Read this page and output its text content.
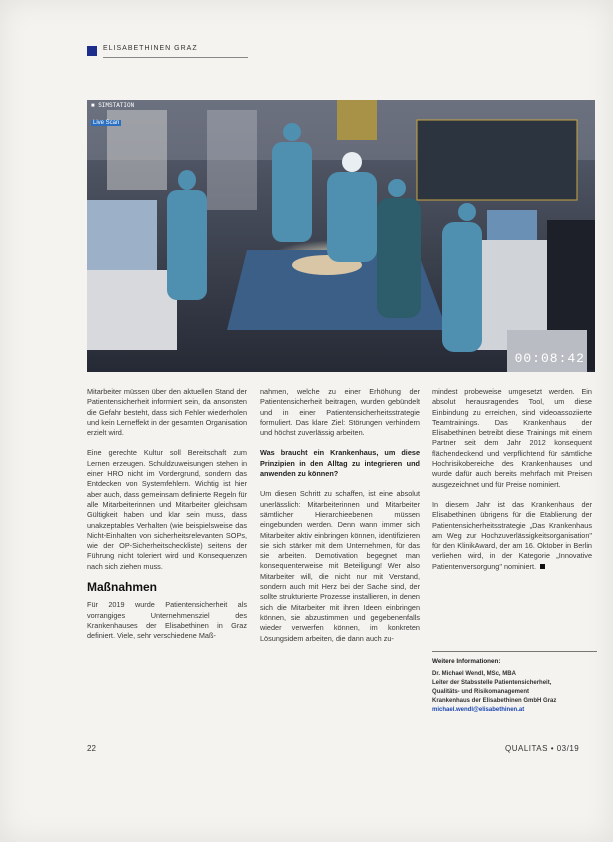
ELISABETHINEN GRAZ
■ SIMSTATION
Live Scan
00:08:42

Mitarbeiter müssen über den aktuellen Stand der Patientensicherheit informiert sein, da ansonsten die Gefahr besteht, dass sich Fehler wiederholen und kein Lerneffekt in der gesamten Organisation erzielt wird.

Eine gerechte Kultur soll Bereitschaft zum Lernen erzeugen. Schuldzuweisungen stehen in einer HRO nicht im Vordergrund, sondern das Entdecken von Systemfehlern. Wichtig ist hier aber auch, dass gemeinsam definierte Regeln für alle Mitarbeiterinnen und Mitarbeiter gleichsam Gültigkeit haben und klar sein muss, dass unakzeptables Verhalten (wie beispielsweise das Nicht-Einhalten von sicherheitsrelevanten SOPs, wie der OP-Sicherheitscheckliste) seitens der Führung nicht toleriert wird und Konsequenzen nach sich ziehen muss.

Maßnahmen

Für 2019 wurde Patientensicherheit als vorrangiges Unternehmensziel des Krankenhauses der Elisabethinen in Graz definiert. Viele, sehr verschiedene Maß-

nahmen, welche zu einer Erhöhung der Patientensicherheit beitragen, wurden gebündelt und in einer Patientensicherheitsstrategie formuliert. Das klare Ziel: Störungen verhindern und höchst zuverlässig arbeiten.

Was braucht ein Krankenhaus, um diese Prinzipien in den Alltag zu integrieren und anwenden zu können?

Um diesen Schritt zu schaffen, ist eine absolut unerlässlich: Mitarbeiterinnen und Mitarbeiter sämtlicher Hierarchieebenen müssen eingebunden werden. Denn wann immer sich Mitarbeiter aktiv einbringen können, identifizieren sie sich stärker mit dem Unternehmen, für das sie arbeiten. Demotivation begegnet man konsequenterweise mit Beteiligung! Wer also Mitarbeiter will, die nicht nur mit Verstand, sondern auch mit Herz bei der Sache sind, der sollte strukturierte Prozesse installieren, in denen sich die Mitarbeiter mit ihren Ideen einbringen können, sie abzustimmen und gegebenenfalls wieder verwerfen können, im konkreten Lösungsidem arbeiten, die dann auch zu-

mindest probeweise umgesetzt werden. Ein absolut herausragendes Tool, um diese Einbindung zu erreichen, sind videoassoziierte Teamtrainings. Das Krankenhaus der Elisabethinen betreibt diese Trainings mit einem Partner seit dem Jahr 2012 konsequent flächendeckend und verpflichtend für sämtliche Hochrisikobereiche des Krankenhauses und wurde dafür auch bereits mehrfach mit Preisen ausgezeichnet und für Preise nominiert.

In diesem Jahr ist das Krankenhaus der Elisabethinen übrigens für die Etablierung der Patientensicherheitsstrategie „Das Krankenhaus am Weg zur Hochzuverlässigkeitsorganisation" für den KlinikAward, der am 16. Oktober in Berlin verliehen wird, in der Kategorie „Innovative Patientenversorgung" nominiert.

Weitere Informationen:
Dr. Michael Wendl, MSc, MBA
Leiter der Stabsstelle Patientensicherheit,
Qualitäts- und Risikomanagement
Krankenhaus der Elisabethinen GmbH Graz
michael.wendl@elisabethinen.at
22	QUALITAS • 03/19
